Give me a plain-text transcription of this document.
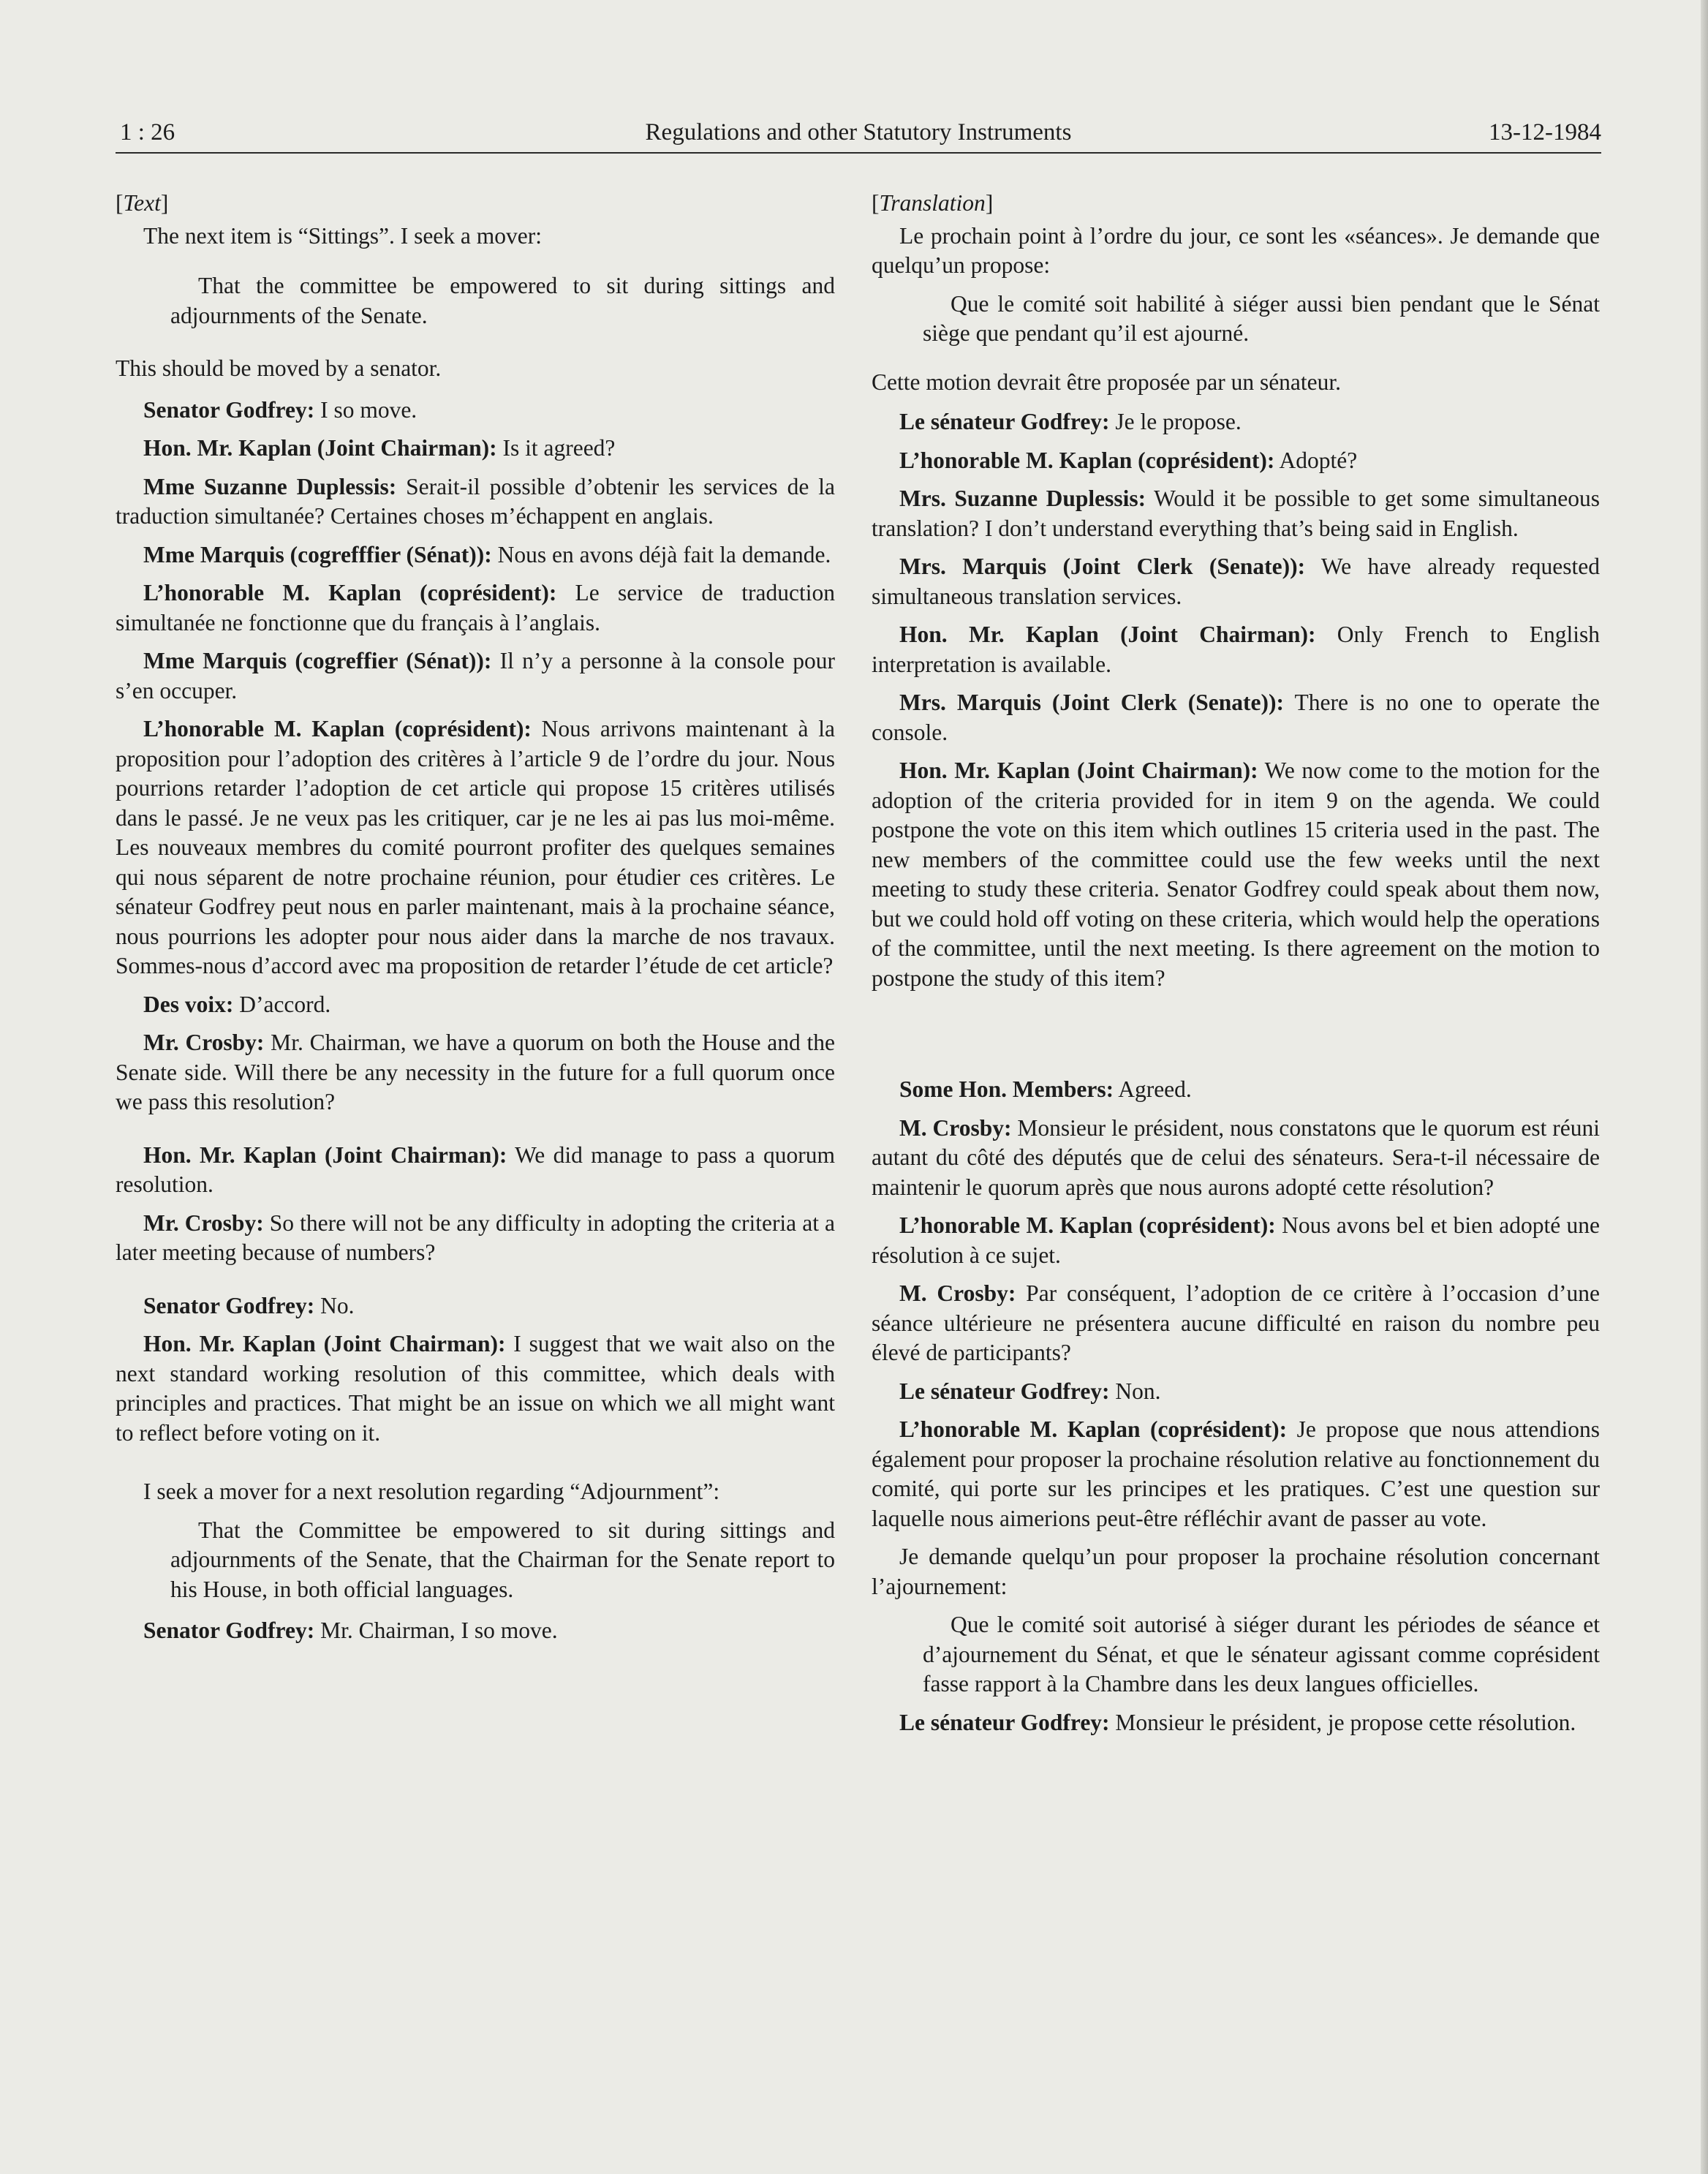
1 : 26	Regulations and other Statutory Instruments	13-12-1984

[Text]

The next item is “Sittings”. I seek a mover:

That the committee be empowered to sit during sittings and adjournments of the Senate.

This should be moved by a senator.

Senator Godfrey: I so move.

Hon. Mr. Kaplan (Joint Chairman): Is it agreed?

Mme Suzanne Duplessis: Serait-il possible d’obtenir les services de la traduction simultanée? Certaines choses m’échappent en anglais.

Mme Marquis (cogrefffier (Sénat)): Nous en avons déjà fait la demande.

L’honorable M. Kaplan (coprésident): Le service de traduction simultanée ne fonctionne que du français à l’anglais.

Mme Marquis (cogreffier (Sénat)): Il n’y a personne à la console pour s’en occuper.

L’honorable M. Kaplan (coprésident): Nous arrivons maintenant à la proposition pour l’adoption des critères à l’article 9 de l’ordre du jour. Nous pourrions retarder l’adoption de cet article qui propose 15 critères utilisés dans le passé. Je ne veux pas les critiquer, car je ne les ai pas lus moi-même. Les nouveaux membres du comité pourront profiter des quelques semaines qui nous séparent de notre prochaine réunion, pour étudier ces critères. Le sénateur Godfrey peut nous en parler maintenant, mais à la prochaine séance, nous pourrions les adopter pour nous aider dans la marche de nos travaux. Sommes-nous d’accord avec ma proposition de retarder l’étude de cet article?

Des voix: D’accord.

Mr. Crosby: Mr. Chairman, we have a quorum on both the House and the Senate side. Will there be any necessity in the future for a full quorum once we pass this resolution?

Hon. Mr. Kaplan (Joint Chairman): We did manage to pass a quorum resolution.

Mr. Crosby: So there will not be any difficulty in adopting the criteria at a later meeting because of numbers?

Senator Godfrey: No.

Hon. Mr. Kaplan (Joint Chairman): I suggest that we wait also on the next standard working resolution of this committee, which deals with principles and practices. That might be an issue on which we all might want to reflect before voting on it.

I seek a mover for a next resolution regarding “Adjournment”:

That the Committee be empowered to sit during sittings and adjournments of the Senate, that the Chairman for the Senate report to his House, in both official languages.

Senator Godfrey: Mr. Chairman, I so move.

[Translation]

Le prochain point à l’ordre du jour, ce sont les «séances». Je demande que quelqu’un propose:

Que le comité soit habilité à siéger aussi bien pendant que le Sénat siège que pendant qu’il est ajourné.

Cette motion devrait être proposée par un sénateur.

Le sénateur Godfrey: Je le propose.

L’honorable M. Kaplan (coprésident): Adopté?

Mrs. Suzanne Duplessis: Would it be possible to get some simultaneous translation? I don’t understand everything that’s being said in English.

Mrs. Marquis (Joint Clerk (Senate)): We have already requested simultaneous translation services.

Hon. Mr. Kaplan (Joint Chairman): Only French to English interpretation is available.

Mrs. Marquis (Joint Clerk (Senate)): There is no one to operate the console.

Hon. Mr. Kaplan (Joint Chairman): We now come to the motion for the adoption of the criteria provided for in item 9 on the agenda. We could postpone the vote on this item which outlines 15 criteria used in the past. The new members of the committee could use the few weeks until the next meeting to study these criteria. Senator Godfrey could speak about them now, but we could hold off voting on these criteria, which would help the operations of the committee, until the next meeting. Is there agreement on the motion to postpone the study of this item?

Some Hon. Members: Agreed.

M. Crosby: Monsieur le président, nous constatons que le quorum est réuni autant du côté des députés que de celui des sénateurs. Sera-t-il nécessaire de maintenir le quorum après que nous aurons adopté cette résolution?

L’honorable M. Kaplan (coprésident): Nous avons bel et bien adopté une résolution à ce sujet.

M. Crosby: Par conséquent, l’adoption de ce critère à l’occasion d’une séance ultérieure ne présentera aucune difficulté en raison du nombre peu élevé de participants?

Le sénateur Godfrey: Non.

L’honorable M. Kaplan (coprésident): Je propose que nous attendions également pour proposer la prochaine résolution relative au fonctionnement du comité, qui porte sur les principes et les pratiques. C’est une question sur laquelle nous aimerions peut-être réfléchir avant de passer au vote.

Je demande quelqu’un pour proposer la prochaine résolution concernant l’ajournement:

Que le comité soit autorisé à siéger durant les périodes de séance et d’ajournement du Sénat, et que le sénateur agissant comme coprésident fasse rapport à la Chambre dans les deux langues officielles.

Le sénateur Godfrey: Monsieur le président, je propose cette résolution.
